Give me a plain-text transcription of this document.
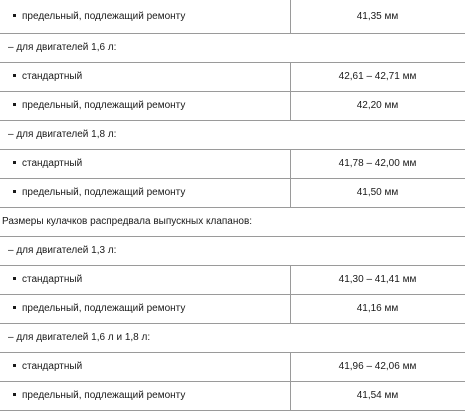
предельный, подлежащий ремонту	41,35 мм
– для двигателей 1,6 л:	
стандартный	42,61 – 42,71 мм
предельный, подлежащий ремонту	42,20 мм
– для двигателей 1,8 л:	
стандартный	41,78 – 42,00 мм
предельный, подлежащий ремонту	41,50 мм
Размеры кулачков распредвала выпускных клапанов:	
– для двигателей 1,3 л:	
стандартный	41,30 – 41,41 мм
предельный, подлежащий ремонту	41,16 мм
– для двигателей 1,6 л и 1,8 л:	
стандартный	41,96 – 42,06 мм
предельный, подлежащий ремонту	41,54 мм
